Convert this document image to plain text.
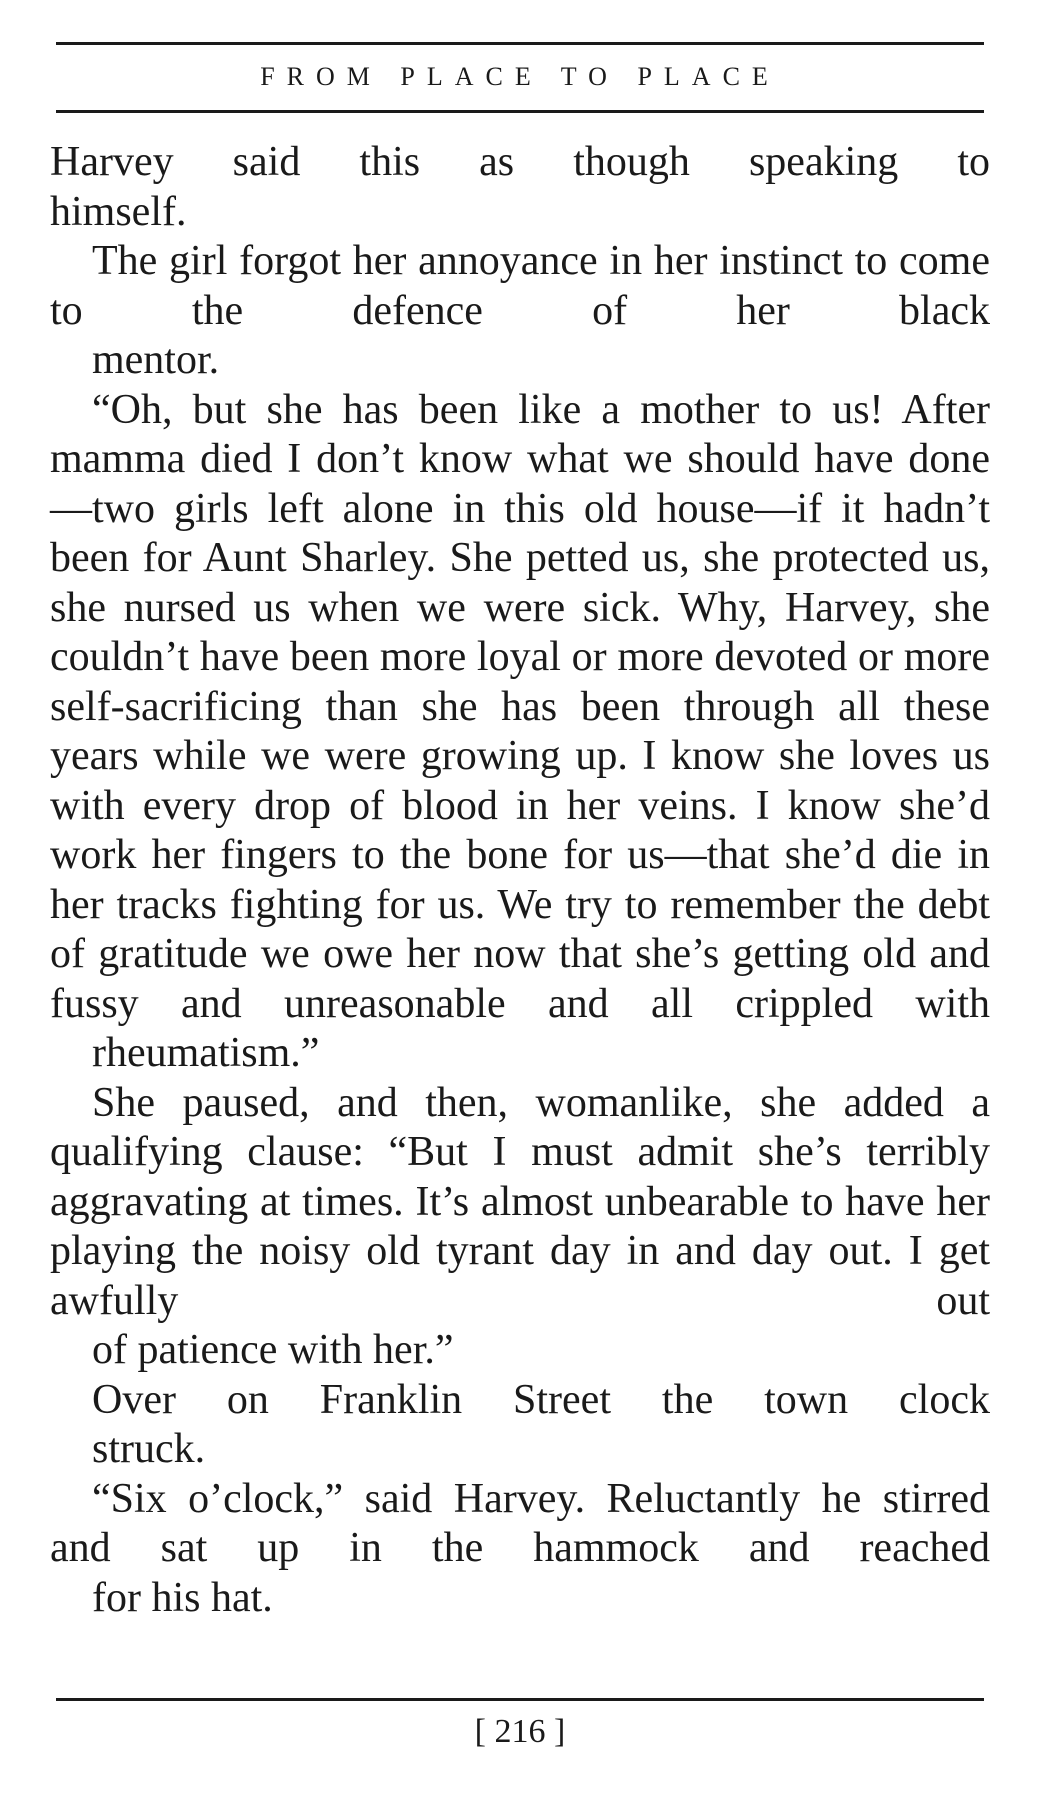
FROM PLACE TO PLACE

Harvey said this as though speaking to
himself.

The girl forgot her annoyance in her instinct to come to the defence of her black
mentor.

“Oh, but she has been like a mother to us! After mamma died I don’t know what we should have done—two girls left alone in this old house—if it hadn’t been for Aunt Sharley. She petted us, she protected us, she nursed us when we were sick. Why, Harvey, she couldn’t have been more loyal or more devoted or more self-sacrificing than she has been through all these years while we were growing up. I know she loves us with every drop of blood in her veins. I know she’d work her fingers to the bone for us—that she’d die in her tracks fighting for us. We try to remember the debt of gratitude we owe her now that she’s getting old and fussy and unreasonable and all crippled with
rheumatism.”

She paused, and then, womanlike, she added a qualifying clause: “But I must admit she’s terribly aggravating at times. It’s almost unbearable to have her playing the noisy old tyrant day in and day out. I get awfully out
of patience with her.”

Over on Franklin Street the town clock
struck.

“Six o’clock,” said Harvey. Reluctantly he stirred and sat up in the hammock and reached
for his hat.

[ 216 ]
